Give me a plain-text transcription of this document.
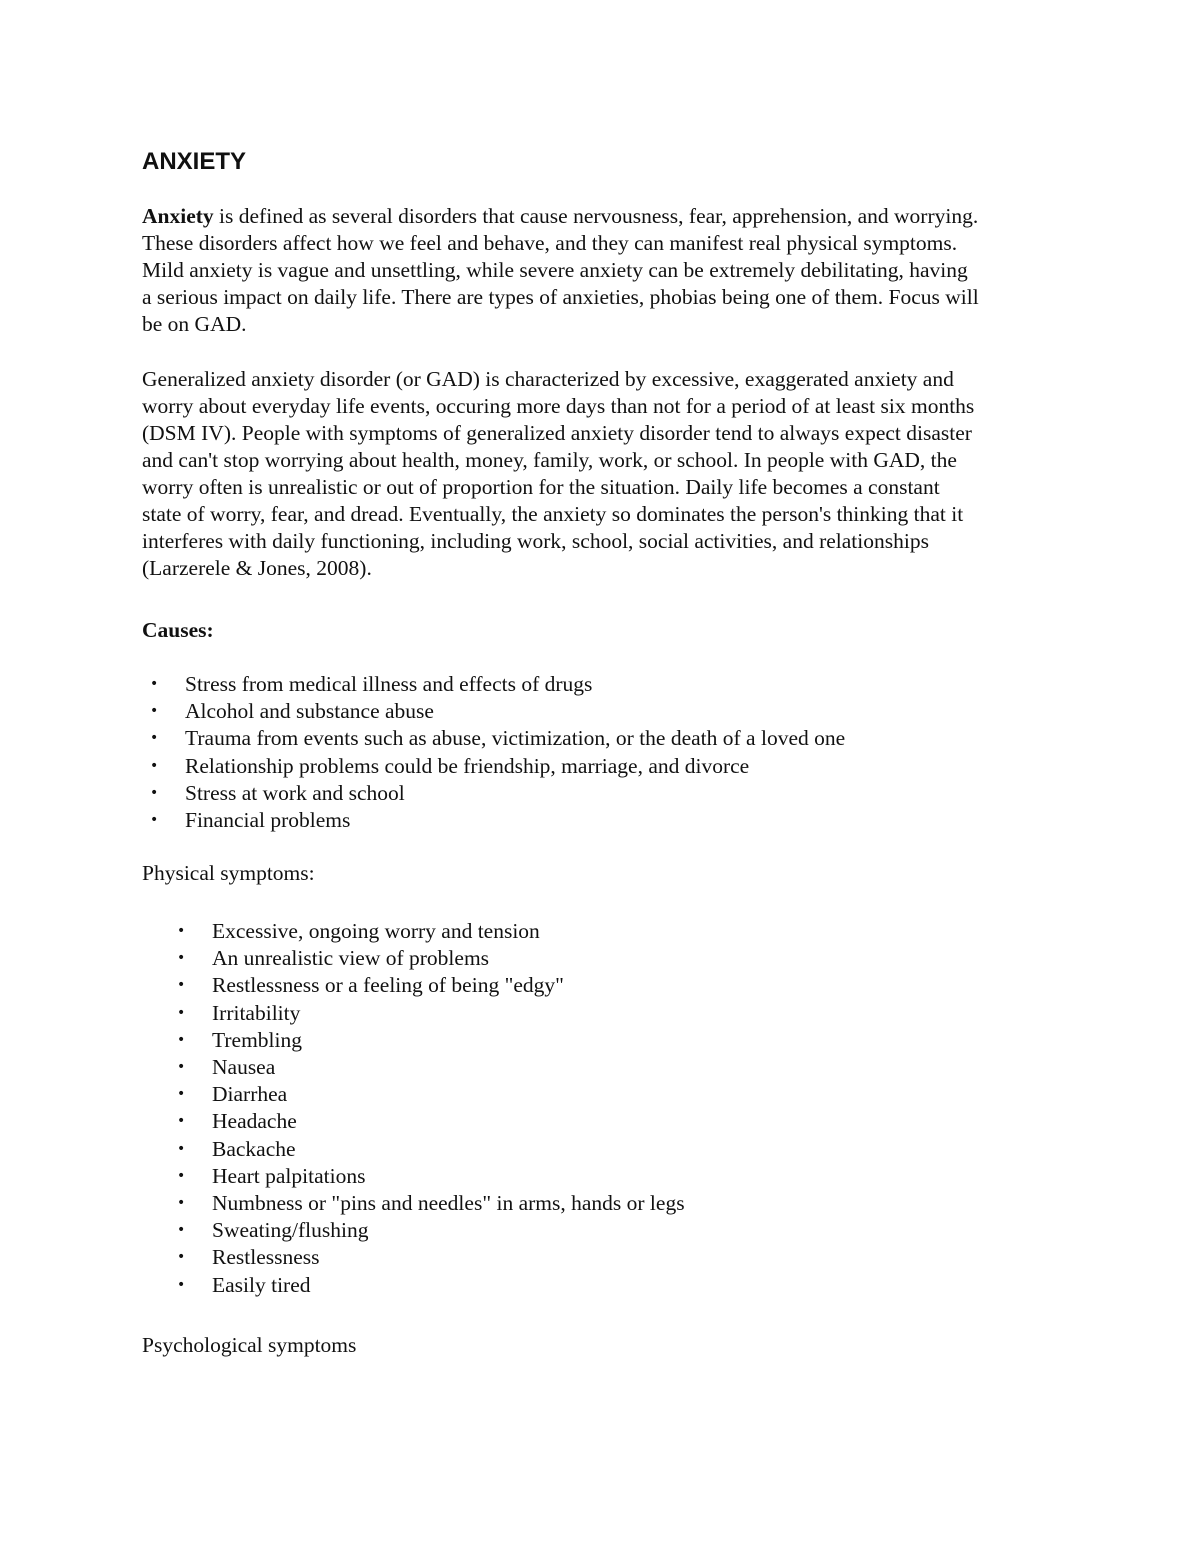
ANXIETY

Anxiety is defined as several disorders that cause nervousness, fear, apprehension, and worrying.
These disorders affect how we feel and behave, and they can manifest real physical symptoms.
Mild anxiety is vague and unsettling, while severe anxiety can be extremely debilitating, having
a serious impact on daily life. There are types of anxieties, phobias being one of them. Focus will
be on GAD.

Generalized anxiety disorder (or GAD) is characterized by excessive, exaggerated anxiety and
worry about everyday life events, occuring more days than not for a period of at least six months
(DSM IV). People with symptoms of generalized anxiety disorder tend to always expect disaster
and can't stop worrying about health, money, family, work, or school. In people with GAD, the
worry often is unrealistic or out of proportion for the situation. Daily life becomes a constant
state of worry, fear, and dread. Eventually, the anxiety so dominates the person's thinking that it
interferes with daily functioning, including work, school, social activities, and relationships
(Larzerele & Jones, 2008).

Causes:

• Stress from medical illness and effects of drugs
• Alcohol and substance abuse
• Trauma from events such as abuse, victimization, or the death of a loved one
• Relationship problems could be friendship, marriage, and divorce
• Stress at work and school
• Financial problems

Physical symptoms:

• Excessive, ongoing worry and tension
• An unrealistic view of problems
• Restlessness or a feeling of being "edgy"
• Irritability
• Trembling
• Nausea
• Diarrhea
• Headache
• Backache
• Heart palpitations
• Numbness or "pins and needles" in arms, hands or legs
• Sweating/flushing
• Restlessness
• Easily tired

Psychological symptoms
